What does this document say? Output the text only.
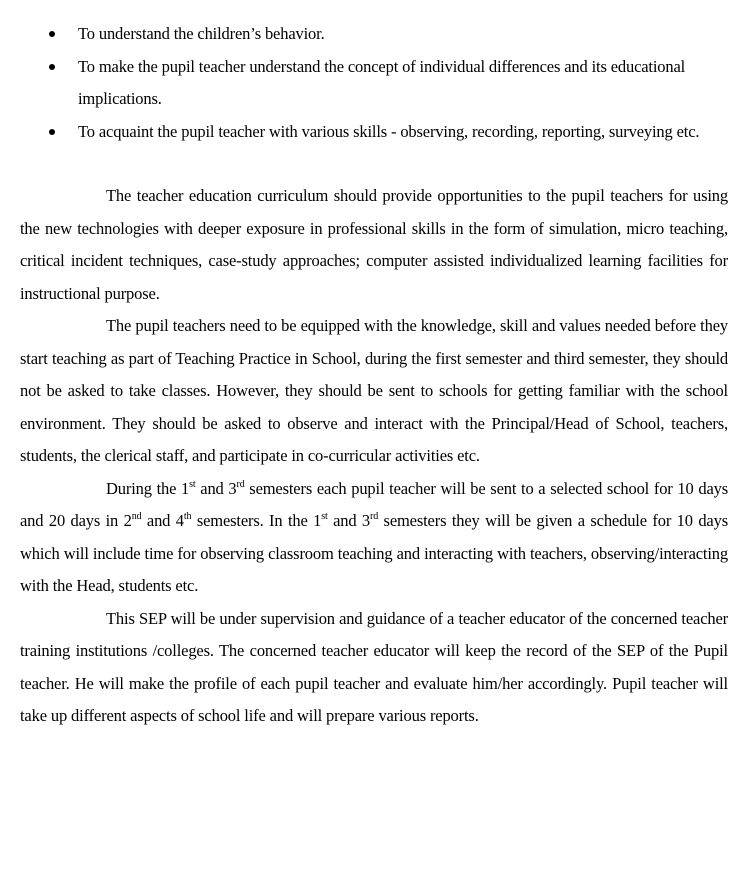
To understand the children’s behavior.
To make the pupil teacher understand the concept of individual differences and its educational implications.
To acquaint the pupil teacher with various skills - observing, recording, reporting, surveying etc.

The teacher education curriculum should provide opportunities to the pupil teachers for using the new technologies with deeper exposure in professional skills in the form of simulation, micro teaching, critical incident techniques, case-study approaches; computer assisted individualized learning facilities for instructional purpose.

The pupil teachers need to be equipped with the knowledge, skill and values needed before they start teaching as part of Teaching Practice in School, during the first semester and third semester, they should not be asked to take classes. However, they should be sent to schools for getting familiar with the school environment. They should be asked to observe and interact with the Principal/Head of School, teachers, students, the clerical staff, and participate in co-curricular activities etc.

During the 1st and 3rd semesters each pupil teacher will be sent to a selected school for 10 days and 20 days in 2nd and 4th semesters. In the 1st and 3rd semesters they will be given a schedule for 10 days which will include time for observing classroom teaching and interacting with teachers, observing/interacting with the Head, students etc.

This SEP will be under supervision and guidance of a teacher educator of the concerned teacher training institutions /colleges. The concerned teacher educator will keep the record of the SEP of the Pupil teacher. He will make the profile of each pupil teacher and evaluate him/her accordingly. Pupil teacher will take up different aspects of school life and will prepare various reports.
